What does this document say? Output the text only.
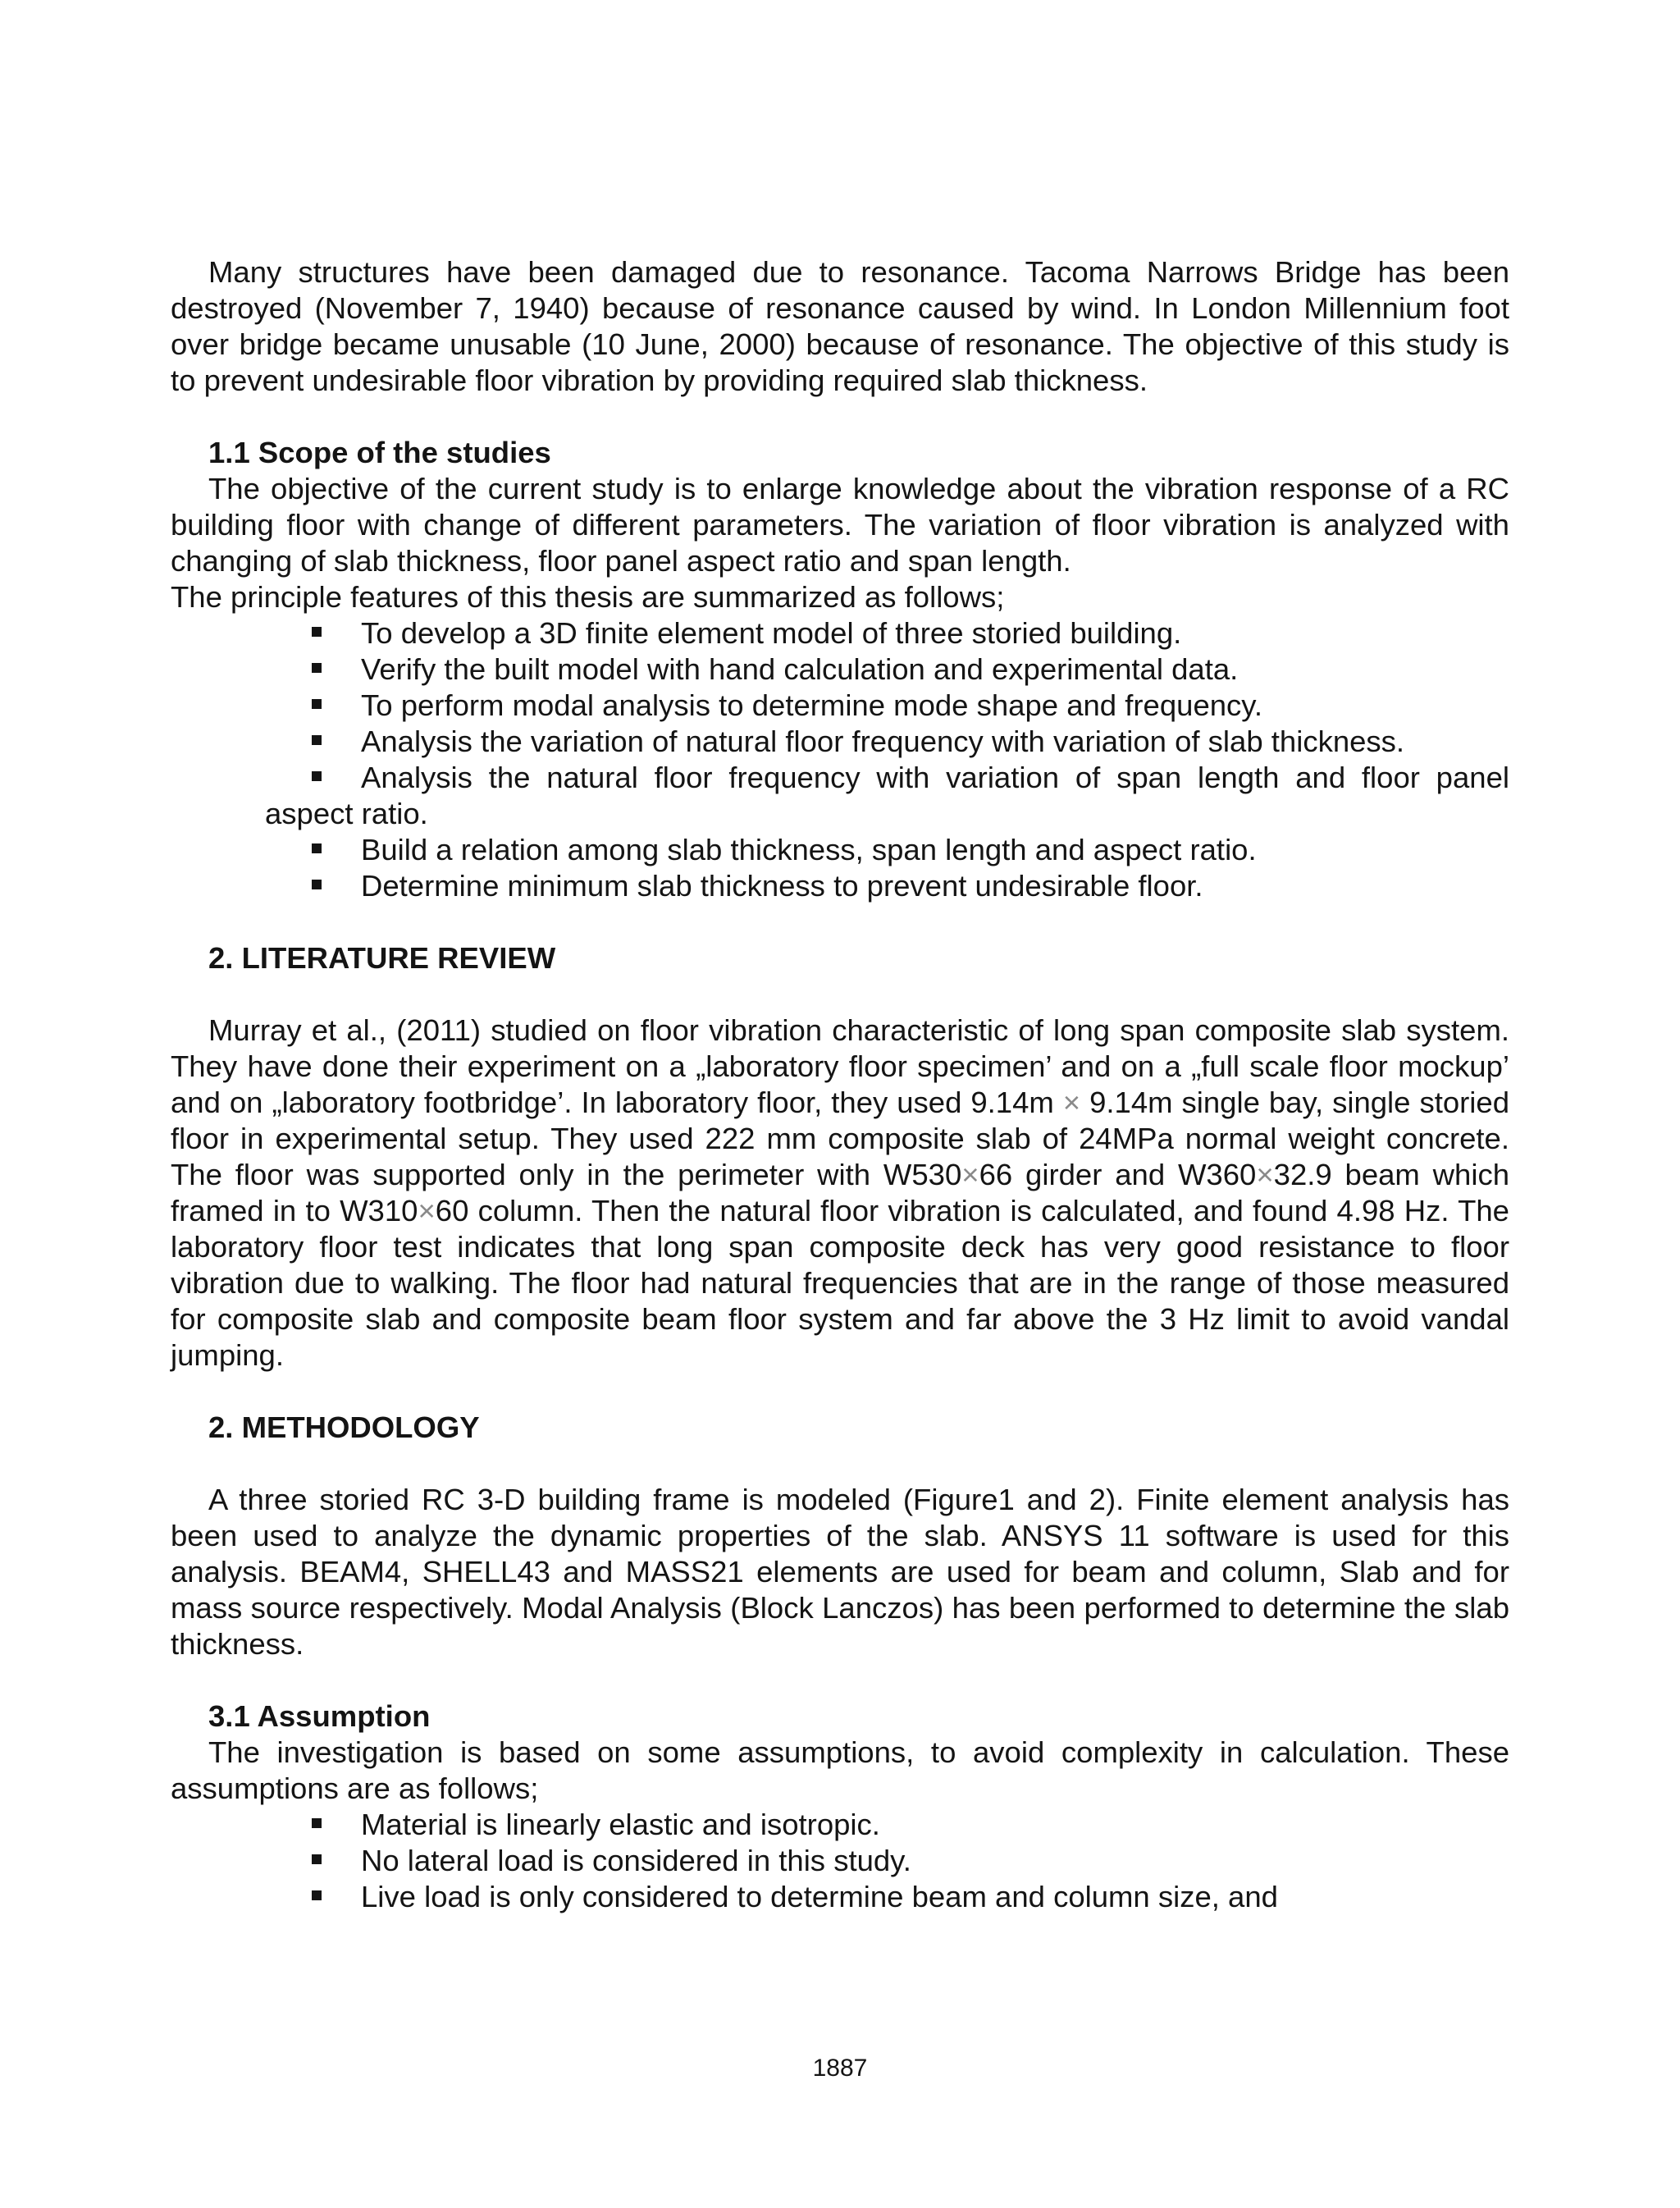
Many structures have been damaged due to resonance. Tacoma Narrows Bridge has been destroyed (November 7, 1940) because of resonance caused by wind. In London Millennium foot over bridge became unusable (10 June, 2000) because of resonance. The objective of this study is to prevent undesirable floor vibration by providing required slab thickness.

1.1 Scope of the studies

The objective of the current study is to enlarge knowledge about the vibration response of a RC building floor with change of different parameters. The variation of floor vibration is analyzed with changing of slab thickness, floor panel aspect ratio and span length.

The principle features of this thesis are summarized as follows;

To develop a 3D finite element model of three storied building.
Verify the built model with hand calculation and experimental data.
To perform modal analysis to determine mode shape and frequency.
Analysis the variation of natural floor frequency with variation of slab thickness.
Analysis the natural floor frequency with variation of span length and floor panel
aspect ratio.
Build a relation among slab thickness, span length and aspect ratio.
Determine minimum slab thickness to prevent undesirable floor.
2. LITERATURE REVIEW

Murray et al., (2011) studied on floor vibration characteristic of long span composite slab system. They have done their experiment on a „laboratory floor specimen’ and on a „full scale floor mockup’ and on „laboratory footbridge’. In laboratory floor, they used 9.14m × 9.14m single bay, single storied floor in experimental setup. They used 222 mm composite slab of 24MPa normal weight concrete. The floor was supported only in the perimeter with W530×66 girder and W360×32.9 beam which framed in to W310×60 column. Then the natural floor vibration is calculated, and found 4.98 Hz. The laboratory floor test indicates that long span composite deck has very good resistance to floor vibration due to walking. The floor had natural frequencies that are in the range of those measured for composite slab and composite beam floor system and far above the 3 Hz limit to avoid vandal jumping.

2. METHODOLOGY

A three storied RC 3-D building frame is modeled (Figure1 and 2). Finite element analysis has been used to analyze the dynamic properties of the slab. ANSYS 11 software is used for this analysis. BEAM4, SHELL43 and MASS21 elements are used for beam and column, Slab and for mass source respectively. Modal Analysis (Block Lanczos) has been performed to determine the slab thickness.

3.1 Assumption

The investigation is based on some assumptions, to avoid complexity in calculation. These assumptions are as follows;

Material is linearly elastic and isotropic.
No lateral load is considered in this study.
Live load is only considered to determine beam and column size, and
1887
